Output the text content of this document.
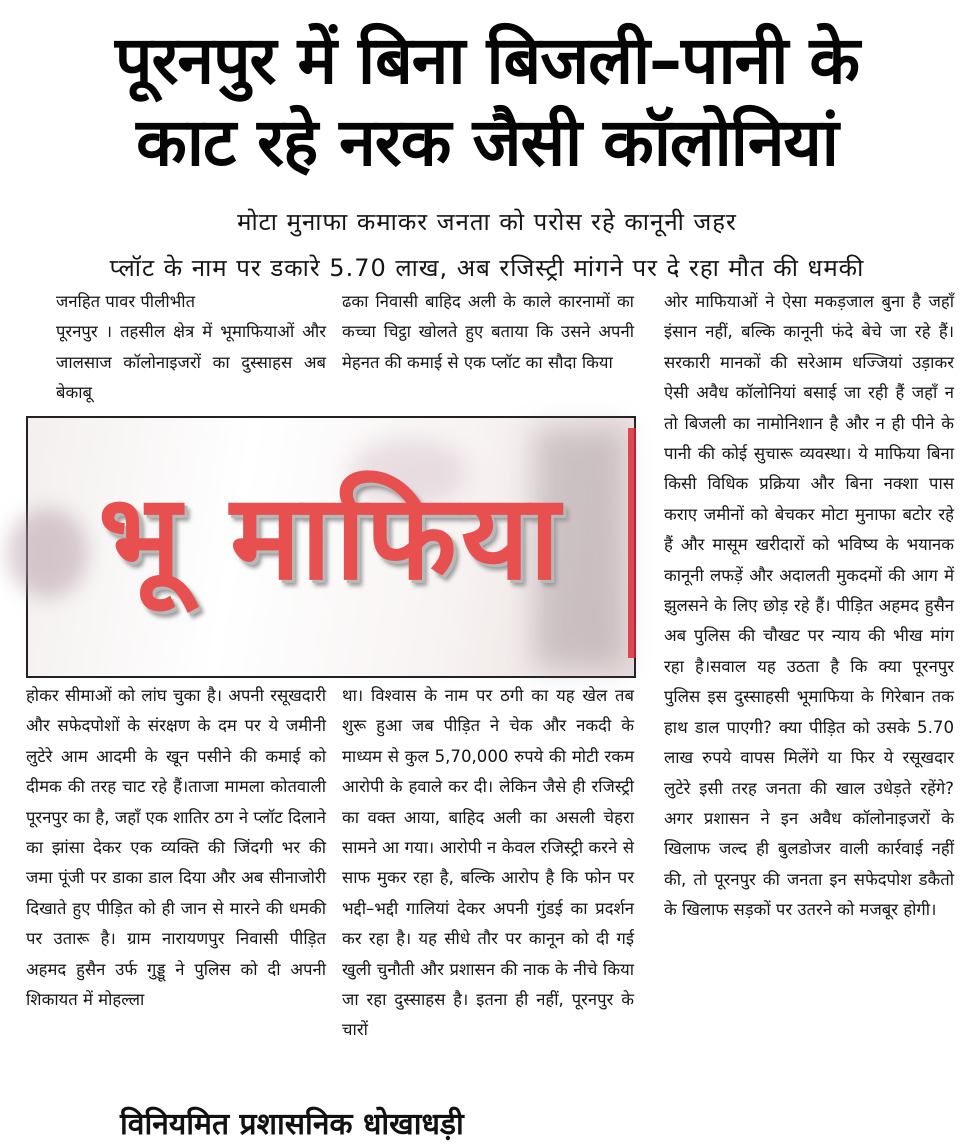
पूरनपुर में बिना बिजली–पानी के
काट रहे नरक जैसी कॉलोनियां
मोटा मुनाफा कमाकर जनता को परोस रहे कानूनी जहर
प्लॉट के नाम पर डकारे 5.70 लाख, अब रजिस्ट्री मांगने पर दे रहा मौत की धमकी
जनहित पावर पीलीभीत

पूरनपुर । तहसील क्षेत्र में भूमाफियाओं और जालसाज कॉलोनाइजरों का दुस्साहस अब बेकाबू

ढका निवासी बाहिद अली के काले कारनामों का कच्चा चिट्ठा खोलते हुए बताया कि उसने अपनी मेहनत की कमाई से एक प्लॉट का सौदा किया

भू माफिया

होकर सीमाओं को लांघ चुका है। अपनी रसूखदारी और सफेदपोशों के संरक्षण के दम पर ये जमीनी लुटेरे आम आदमी के खून पसीने की कमाई को दीमक की तरह चाट रहे हैं।ताजा मामला कोतवाली पूरनपुर का है, जहाँ एक शातिर ठग ने प्लॉट दिलाने का झांसा देकर एक व्यक्ति की जिंदगी भर की जमा पूंजी पर डाका डाल दिया और अब सीनाजोरी दिखाते हुए पीड़ित को ही जान से मारने की धमकी पर उतारू है। ग्राम नारायणपुर निवासी पीड़ित अहमद हुसैन उर्फ गुड्डू ने पुलिस को दी अपनी शिकायत में मोहल्ला

था। विश्वास के नाम पर ठगी का यह खेल तब शुरू हुआ जब पीड़ित ने चेक और नकदी के माध्यम से कुल 5,70,000 रुपये की मोटी रकम आरोपी के हवाले कर दी। लेकिन जैसे ही रजिस्ट्री का वक्त आया, बाहिद अली का असली चेहरा सामने आ गया। आरोपी न केवल रजिस्ट्री करने से साफ मुकर रहा है, बल्कि आरोप है कि फोन पर भद्दी–भद्दी गालियां देकर अपनी गुंडई का प्रदर्शन कर रहा है। यह सीधे तौर पर कानून को दी गई खुली चुनौती और प्रशासन की नाक के नीचे किया जा रहा दुस्साहस है। इतना ही नहीं, पूरनपुर के चारों

ओर माफियाओं ने ऐसा मकड़जाल बुना है जहाँ इंसान नहीं, बल्कि कानूनी फंदे बेचे जा रहे हैं।सरकारी मानकों की सरेआम धज्जियां उड़ाकर ऐसी अवैध कॉलोनियां बसाई जा रही हैं जहाँ न तो बिजली का नामोनिशान है और न ही पीने के पानी की कोई सुचारू व्यवस्था। ये माफिया बिना किसी विधिक प्रक्रिया और बिना नक्शा पास कराए जमीनों को बेचकर मोटा मुनाफा बटोर रहे हैं और मासूम खरीदारों को भविष्य के भयानक कानूनी लफड़ें और अदालती मुकदमों की आग में झुलसने के लिए छोड़ रहे हैं। पीड़ित अहमद हुसैन अब पुलिस की चौखट पर न्याय की भीख मांग रहा है।सवाल यह उठता है कि क्या पूरनपुर पुलिस इस दुस्साहसी भूमाफिया के गिरेबान तक हाथ डाल पाएगी? क्या पीड़ित को उसके 5.70 लाख रुपये वापस मिलेंगे या फिर ये रसूखदार लुटेरे इसी तरह जनता की खाल उधेड़ते रहेंगे? अगर प्रशासन ने इन अवैध कॉलोनाइजरों के खिलाफ जल्द ही बुलडोजर वाली कार्रवाई नहीं की, तो पूरनपुर की जनता इन सफेदपोश डकैतो के खिलाफ सड़कों पर उतरने को मजबूर होगी।

विनियमित प्रशासनिक धोखाधड़ी
